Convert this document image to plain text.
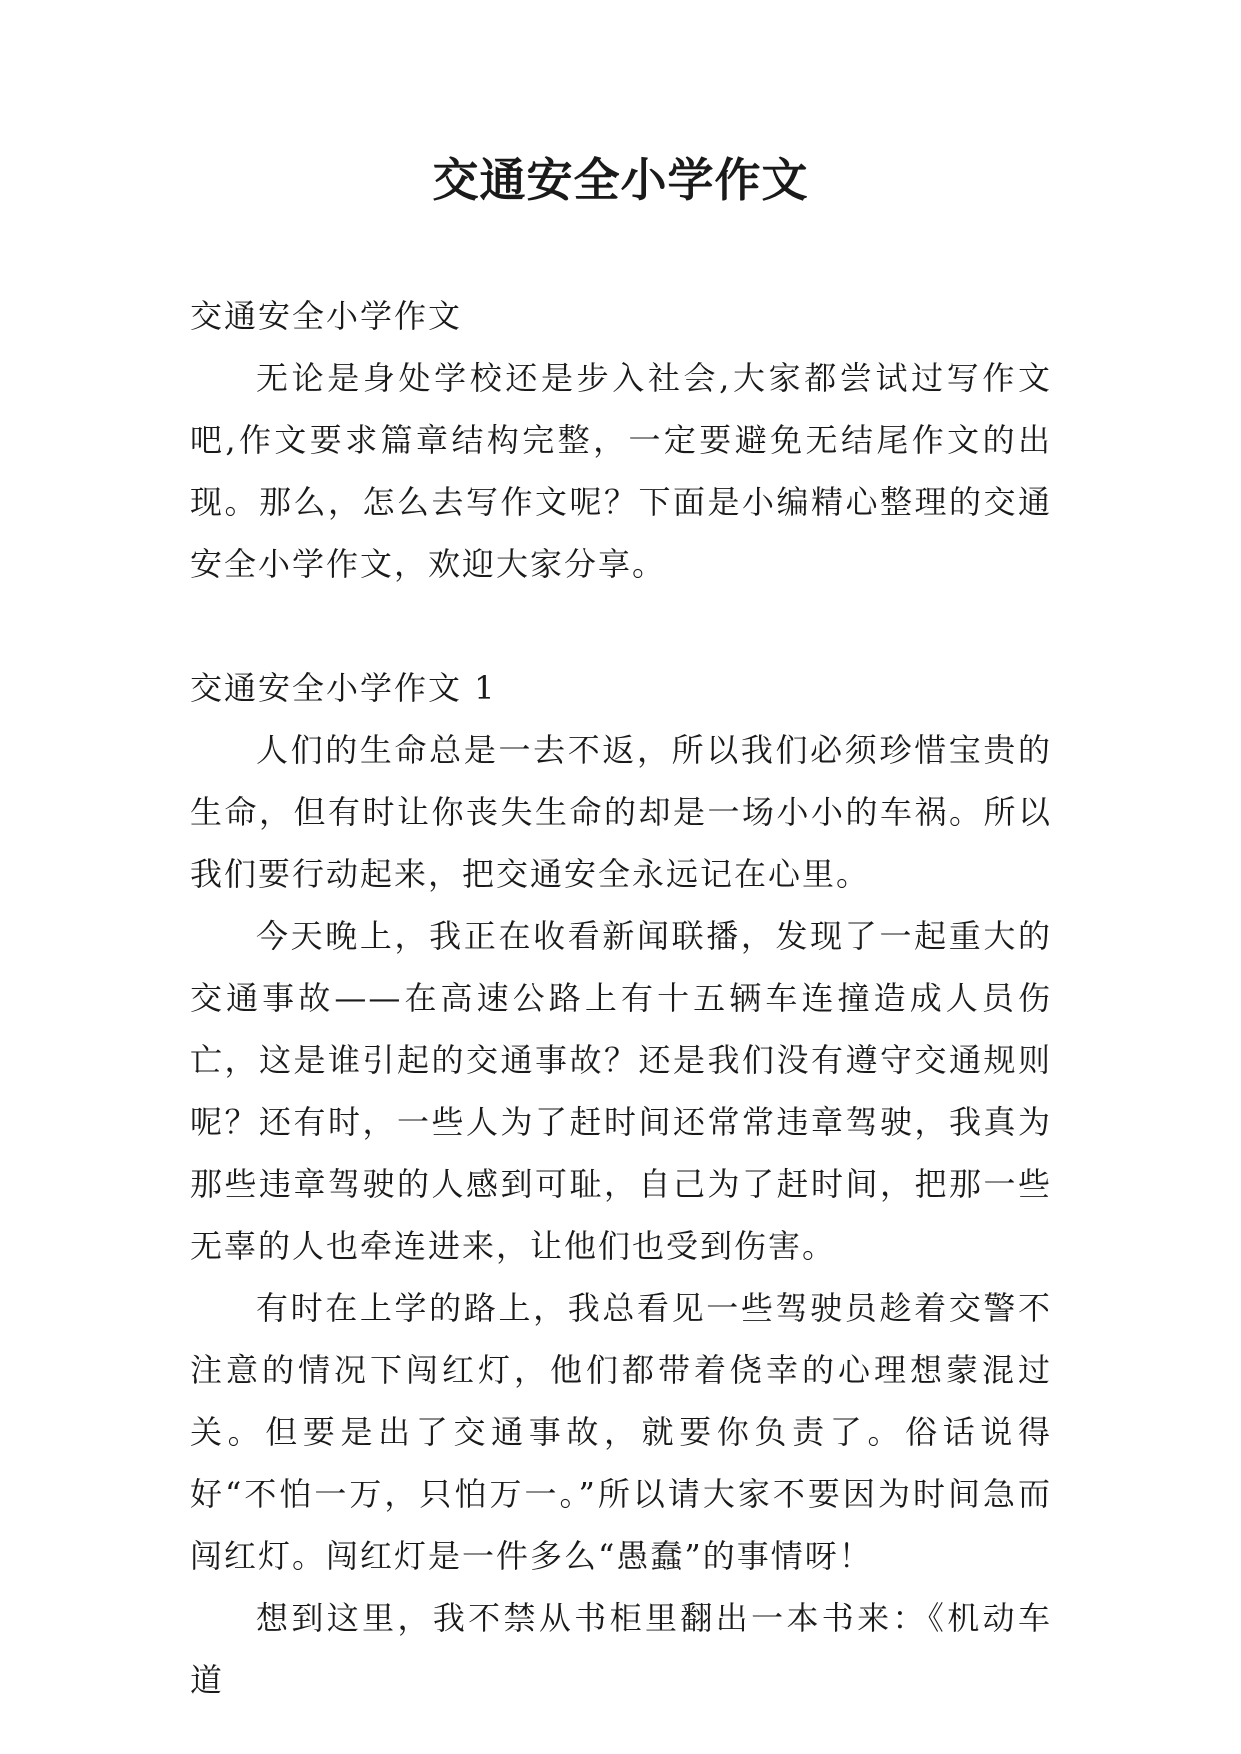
交通安全小学作文

交通安全小学作文

无论是身处学校还是步入社会,大家都尝试过写作文吧,作文要求篇章结构完整，一定要避免无结尾作文的出现。那么，怎么去写作文呢？下面是小编精心整理的交通安全小学作文，欢迎大家分享。

交通安全小学作文 1

人们的生命总是一去不返，所以我们必须珍惜宝贵的生命，但有时让你丧失生命的却是一场小小的车祸。所以我们要行动起来，把交通安全永远记在心里。

今天晚上，我正在收看新闻联播，发现了一起重大的交通事故——在高速公路上有十五辆车连撞造成人员伤亡，这是谁引起的交通事故？还是我们没有遵守交通规则呢？还有时，一些人为了赶时间还常常违章驾驶，我真为那些违章驾驶的人感到可耻，自己为了赶时间，把那一些无辜的人也牵连进来，让他们也受到伤害。

有时在上学的路上，我总看见一些驾驶员趁着交警不注意的情况下闯红灯，他们都带着侥幸的心理想蒙混过关。但要是出了交通事故，就要你负责了。俗话说得好“不怕一万，只怕万一。”所以请大家不要因为时间急而闯红灯。闯红灯是一件多么“愚蠢”的事情呀！

想到这里，我不禁从书柜里翻出一本书来：《机动车道
